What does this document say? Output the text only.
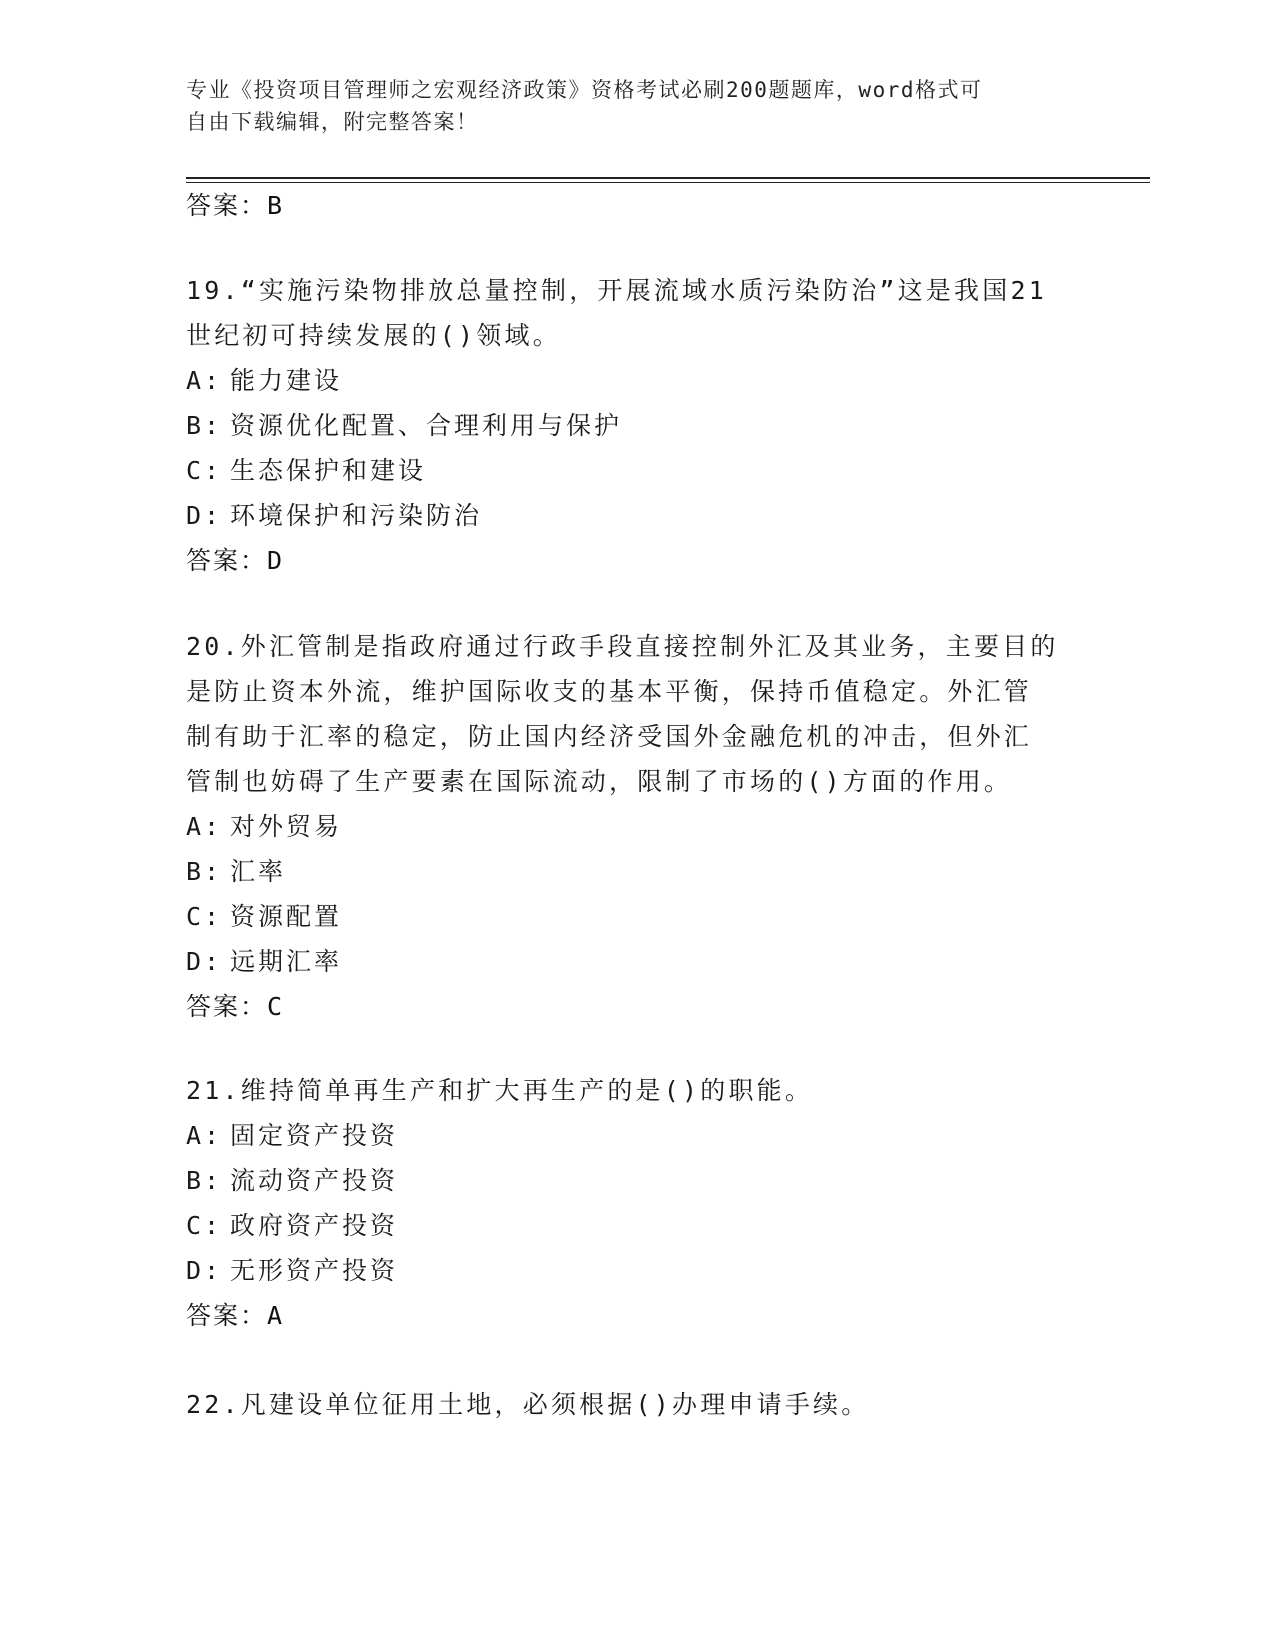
专业《投资项目管理师之宏观经济政策》资格考试必刷200题题库，word格式可
自由下载编辑，附完整答案！
答案：B
19.“实施污染物排放总量控制，开展流域水质污染防治”这是我国21
世纪初可持续发展的()领域。
A: 能力建设
B: 资源优化配置、合理利用与保护
C: 生态保护和建设
D: 环境保护和污染防治
答案：D
20.外汇管制是指政府通过行政手段直接控制外汇及其业务，主要目的
是防止资本外流，维护国际收支的基本平衡，保持币值稳定。外汇管
制有助于汇率的稳定，防止国内经济受国外金融危机的冲击，但外汇
管制也妨碍了生产要素在国际流动，限制了市场的()方面的作用。
A: 对外贸易
B: 汇率
C: 资源配置
D: 远期汇率
答案：C
21.维持简单再生产和扩大再生产的是()的职能。
A: 固定资产投资
B: 流动资产投资
C: 政府资产投资
D: 无形资产投资
答案：A
22.凡建设单位征用土地，必须根据()办理申请手续。
